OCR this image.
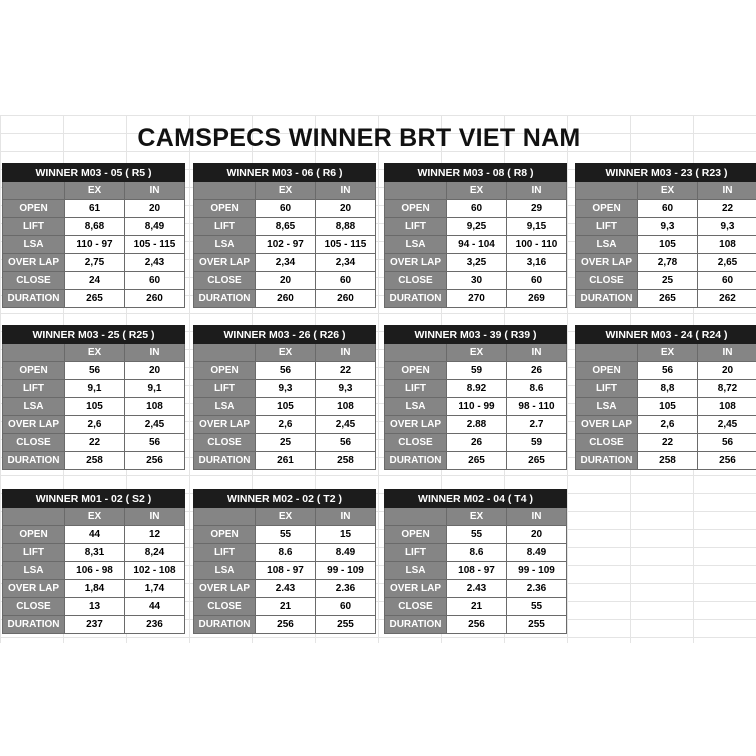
CAMSPECS WINNER BRT VIET NAM
WINNER M03 - 05 ( R5 )		
	EX	IN
OPEN	61	20
LIFT	8,68	8,49
LSA	110 - 97	105 - 115
OVER LAP	2,75	2,43
CLOSE	24	60
DURATION	265	260
WINNER M03 - 06 ( R6 )		
	EX	IN
OPEN	60	20
LIFT	8,65	8,88
LSA	102 - 97	105 - 115
OVER LAP	2,34	2,34
CLOSE	20	60
DURATION	260	260
WINNER M03 - 08 ( R8 )		
	EX	IN
OPEN	60	29
LIFT	9,25	9,15
LSA	94 - 104	100 - 110
OVER LAP	3,25	3,16
CLOSE	30	60
DURATION	270	269
WINNER M03 - 23 ( R23 )		
	EX	IN
OPEN	60	22
LIFT	9,3	9,3
LSA	105	108
OVER LAP	2,78	2,65
CLOSE	25	60
DURATION	265	262
WINNER M03 - 25 ( R25 )		
	EX	IN
OPEN	56	20
LIFT	9,1	9,1
LSA	105	108
OVER LAP	2,6	2,45
CLOSE	22	56
DURATION	258	256
WINNER M03 - 26 ( R26 )		
	EX	IN
OPEN	56	22
LIFT	9,3	9,3
LSA	105	108
OVER LAP	2,6	2,45
CLOSE	25	56
DURATION	261	258
WINNER M03 - 39 ( R39 )		
	EX	IN
OPEN	59	26
LIFT	8.92	8.6
LSA	110 - 99	98 - 110
OVER LAP	2.88	2.7
CLOSE	26	59
DURATION	265	265
WINNER M03 - 24 ( R24 )		
	EX	IN
OPEN	56	20
LIFT	8,8	8,72
LSA	105	108
OVER LAP	2,6	2,45
CLOSE	22	56
DURATION	258	256
WINNER M01 - 02 ( S2 )		
	EX	IN
OPEN	44	12
LIFT	8,31	8,24
LSA	106 - 98	102 - 108
OVER LAP	1,84	1,74
CLOSE	13	44
DURATION	237	236
WINNER M02 - 02 ( T2 )		
	EX	IN
OPEN	55	15
LIFT	8.6	8.49
LSA	108 - 97	99 - 109
OVER LAP	2.43	2.36
CLOSE	21	60
DURATION	256	255
WINNER M02 - 04 ( T4 )		
	EX	IN
OPEN	55	20
LIFT	8.6	8.49
LSA	108 - 97	99 - 109
OVER LAP	2.43	2.36
CLOSE	21	55
DURATION	256	255
